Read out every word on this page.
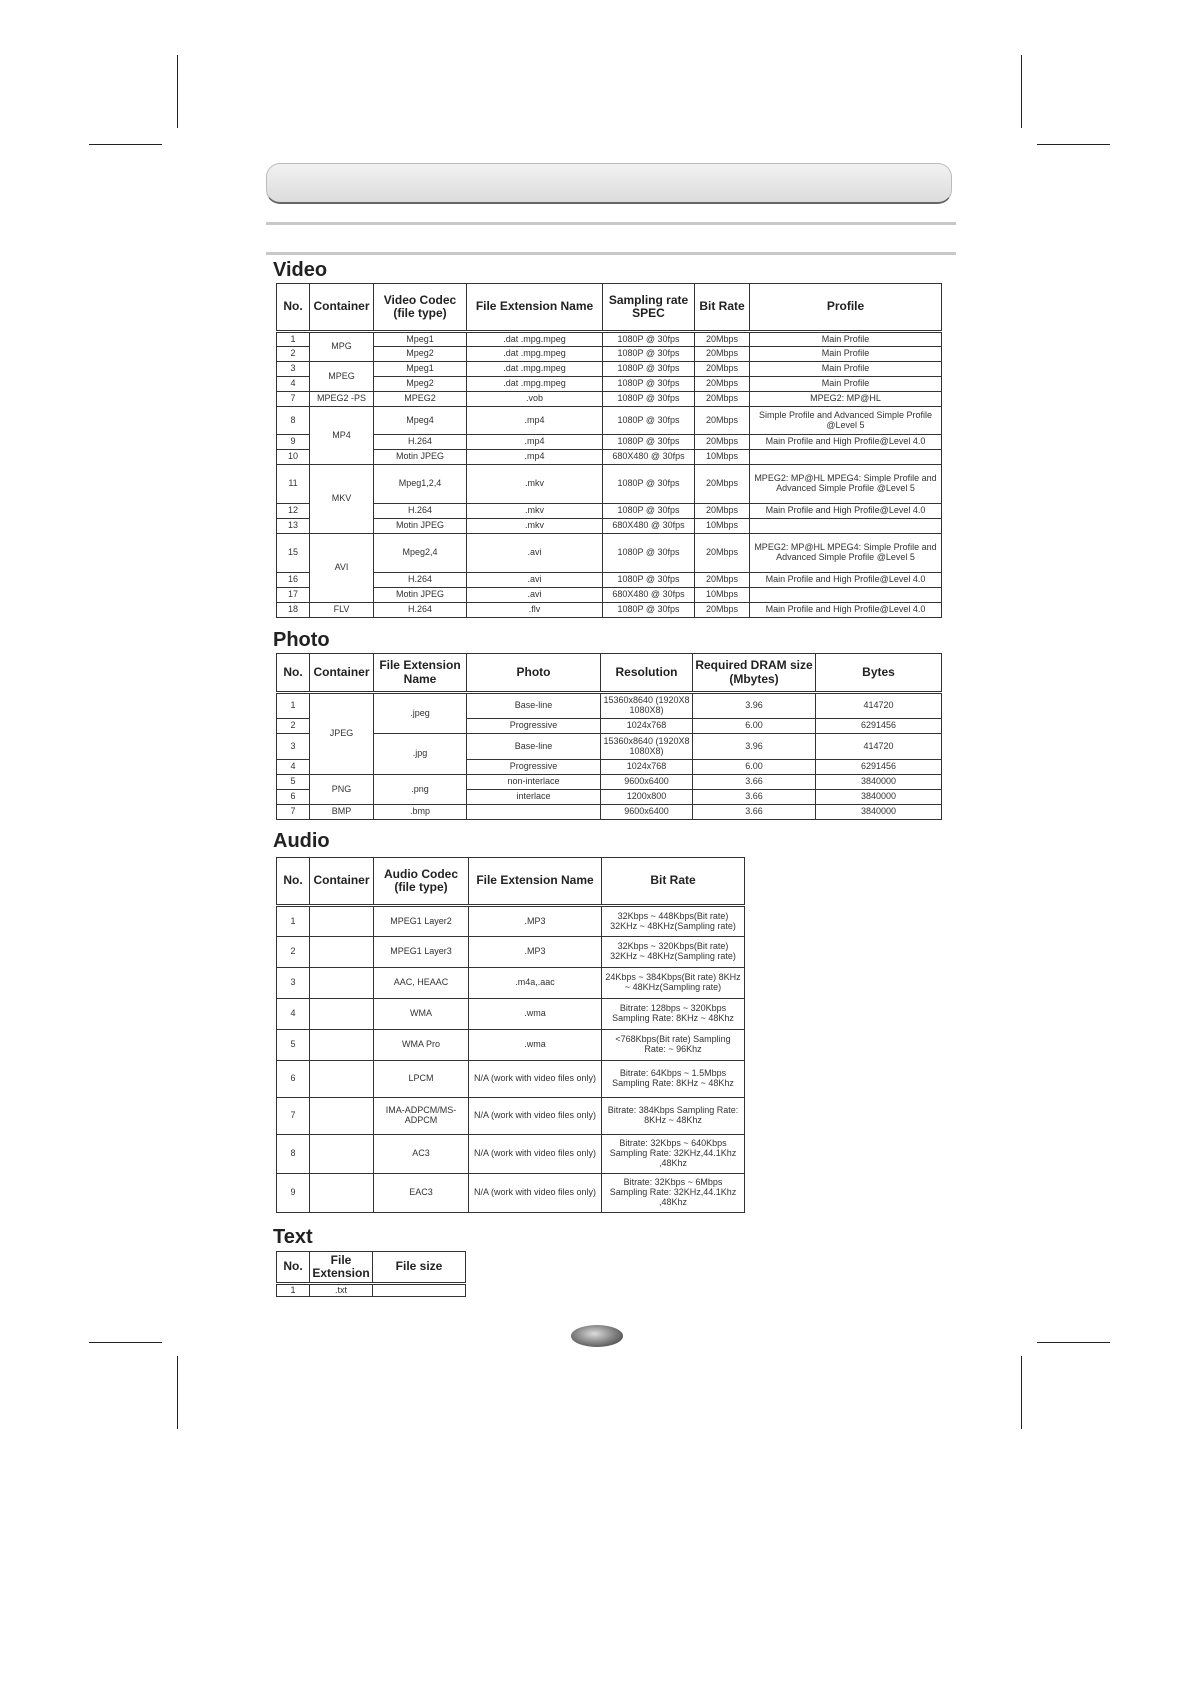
Video
No.	Container	Video Codec (file type)	File Extension Name	Sampling rate SPEC	Bit Rate	Profile
1	MPG	Mpeg1	.dat .mpg.mpeg	1080P @ 30fps	20Mbps	Main Profile
2		Mpeg2	.dat .mpg.mpeg	1080P @ 30fps	20Mbps	Main Profile
3	MPEG	Mpeg1	.dat .mpg.mpeg	1080P @ 30fps	20Mbps	Main Profile
4		Mpeg2	.dat .mpg.mpeg	1080P @ 30fps	20Mbps	Main Profile
7	MPEG2 -PS	MPEG2	.vob	1080P @ 30fps	20Mbps	MPEG2: MP@HL
8	MP4	Mpeg4	.mp4	1080P @ 30fps	20Mbps	Simple Profile and Advanced Simple Profile @Level 5
9		H.264	.mp4	1080P @ 30fps	20Mbps	Main Profile and High Profile@Level 4.0
10		Motin JPEG	.mp4	680X480 @ 30fps	10Mbps	
11	MKV	Mpeg1,2,4	.mkv	1080P @ 30fps	20Mbps	MPEG2: MP@HL MPEG4: Simple Profile and Advanced Simple Profile @Level 5
12		H.264	.mkv	1080P @ 30fps	20Mbps	Main Profile and High Profile@Level 4.0
13		Motin JPEG	.mkv	680X480 @ 30fps	10Mbps	
15	AVI	Mpeg2,4	.avi	1080P @ 30fps	20Mbps	MPEG2: MP@HL MPEG4: Simple Profile and Advanced Simple Profile @Level 5
16		H.264	.avi	1080P @ 30fps	20Mbps	Main Profile and High Profile@Level 4.0
17		Motin JPEG	.avi	680X480 @ 30fps	10Mbps	
18	FLV	H.264	.flv	1080P @ 30fps	20Mbps	Main Profile and High Profile@Level 4.0
Photo
No.	Container	File Extension Name	Photo	Resolution	Required DRAM size (Mbytes)	Bytes
1	JPEG	.jpeg	Base-line	15360x8640 (1920X8 1080X8)	3.96	414720
2			Progressive	1024x768	6.00	6291456
3		.jpg	Base-line	15360x8640 (1920X8 1080X8)	3.96	414720
4			Progressive	1024x768	6.00	6291456
5	PNG	.png	non-interlace	9600x6400	3.66	3840000
6			interlace	1200x800	3.66	3840000
7	BMP	.bmp		9600x6400	3.66	3840000
Audio
No.	Container	Audio Codec (file type)	File Extension Name	Bit Rate
1		MPEG1 Layer2	.MP3	32Kbps ~ 448Kbps(Bit rate) 32KHz ~ 48KHz(Sampling rate)
2		MPEG1 Layer3	.MP3	32Kbps ~ 320Kbps(Bit rate) 32KHz ~ 48KHz(Sampling rate)
3		AAC, HEAAC	.m4a,.aac	24Kbps ~ 384Kbps(Bit rate) 8KHz ~ 48KHz(Sampling rate)
4		WMA	.wma	Bitrate: 128bps ~ 320Kbps Sampling Rate: 8KHz ~ 48Khz
5		WMA Pro	.wma	<768Kbps(Bit rate) Sampling Rate: ~ 96Khz
6		LPCM	N/A (work with video files only)	Bitrate: 64Kbps ~ 1.5Mbps Sampling Rate: 8KHz ~ 48Khz
7		IMA-ADPCM/MS-ADPCM	N/A (work with video files only)	Bitrate: 384Kbps Sampling Rate: 8KHz ~ 48Khz
8		AC3	N/A (work with video files only)	Bitrate: 32Kbps ~ 640Kbps Sampling Rate: 32KHz,44.1Khz ,48Khz
9		EAC3	N/A (work with video files only)	Bitrate: 32Kbps ~ 6Mbps Sampling Rate: 32KHz,44.1Khz ,48Khz
Text
No.	File Extension	File size
1	.txt	
